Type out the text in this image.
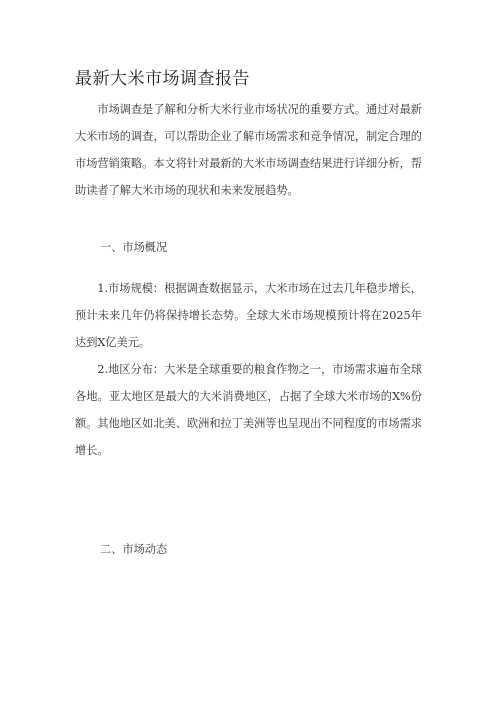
最新大米市场调查报告

市场调查是了解和分析大米行业市场状况的重要方式。通过对最新大米市场的调查，可以帮助企业了解市场需求和竞争情况，制定合理的市场营销策略。本文将针对最新的大米市场调查结果进行详细分析，帮助读者了解大米市场的现状和未来发展趋势。

一、市场概况

1.市场规模：根据调查数据显示，大米市场在过去几年稳步增长，预计未来几年仍将保持增长态势。全球大米市场规模预计将在2025年达到X亿美元。

2.地区分布：大米是全球重要的粮食作物之一，市场需求遍布全球各地。亚太地区是最大的大米消费地区，占据了全球大米市场的X%份额。其他地区如北美、欧洲和拉丁美洲等也呈现出不同程度的市场需求增长。

二、市场动态
